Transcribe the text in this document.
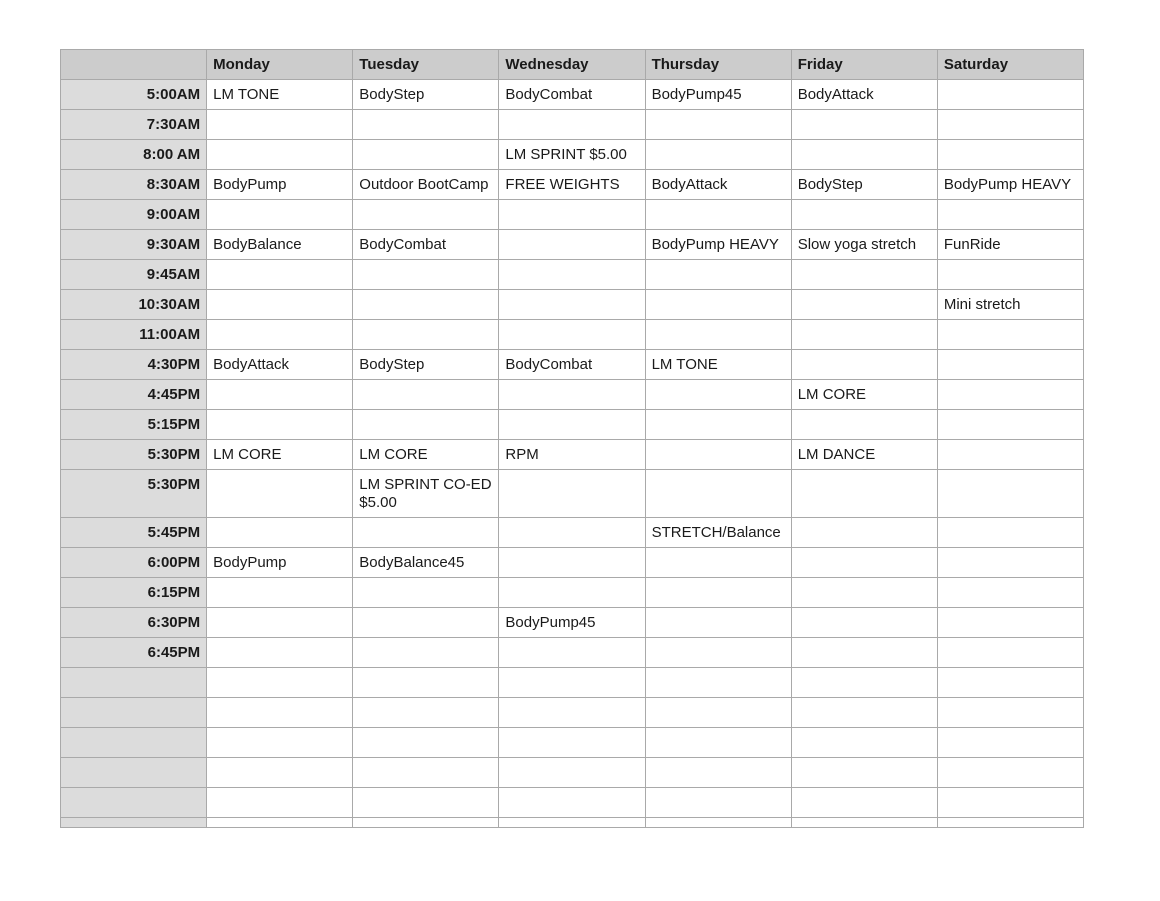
	Monday	Tuesday	Wednesday	Thursday	Friday	Saturday
5:00AM	LM TONE	BodyStep	BodyCombat	BodyPump45	BodyAttack	
7:30AM						
8:00 AM			LM SPRINT $5.00			
8:30AM	BodyPump	Outdoor BootCamp	FREE WEIGHTS	BodyAttack	BodyStep	BodyPump HEAVY
9:00AM						
9:30AM	BodyBalance	BodyCombat		BodyPump HEAVY	Slow yoga stretch	FunRide
9:45AM						
10:30AM						Mini stretch
11:00AM						
4:30PM	BodyAttack	BodyStep	BodyCombat	LM TONE		
4:45PM					LM CORE	
5:15PM						
5:30PM	LM CORE	LM CORE	RPM		LM DANCE	
5:30PM		LM SPRINT CO-ED $5.00				
5:45PM				STRETCH/Balance		
6:00PM	BodyPump	BodyBalance45				
6:15PM						
6:30PM			BodyPump45			
6:45PM						
